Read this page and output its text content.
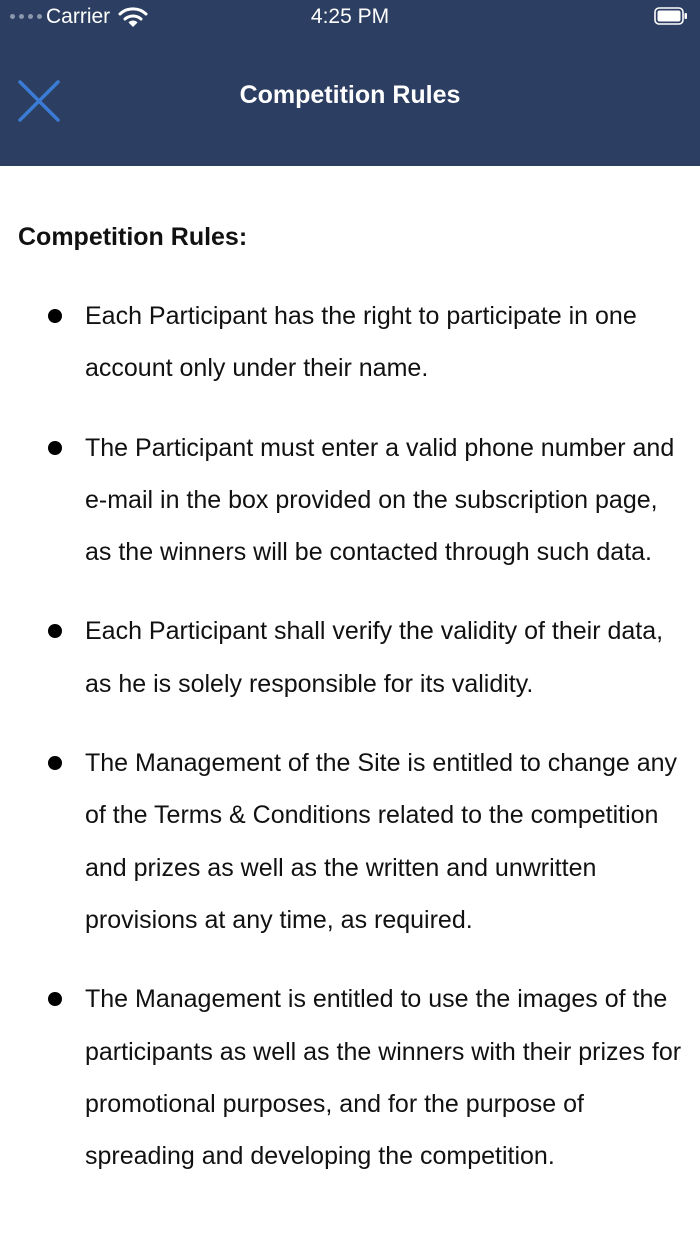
Carrier	4:25 PM
Competition Rules
Competition Rules:
Each Participant has the right to participate in one account only under their name.
The Participant must enter a valid phone number and e-mail in the box provided on the subscription page, as the winners will be contacted through such data.
Each Participant shall verify the validity of their data, as he is solely responsible for its validity.
The Management of the Site is entitled to change any of the Terms & Conditions related to the competition and prizes as well as the written and unwritten provisions at any time, as required.
The Management is entitled to use the images of the participants as well as the winners with their prizes for promotional purposes, and for the purpose of spreading and developing the competition.
